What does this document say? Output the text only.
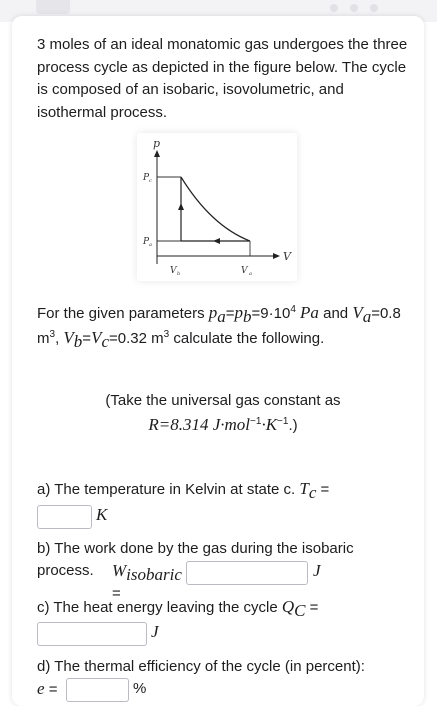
3 moles of an ideal monatomic gas undergoes the three process cycle as depicted in the figure below. The cycle is composed of an isobaric, isovolumetric, and isothermal process.

p
V
P c
P a
V b	V a

For the given parameters $p_a=p_b=9\cdot 10^4$ Pa and $V_a=0.8$ $m^3$, $V_b=V_c=0.32$ $m^3$ calculate the following.

(Take the universal gas constant as
R=8.314 $J\cdot mol^{-1}\cdot K^{-1}$.)
a) The temperature in Kelvin at state c. $T_c$ =
K
b) The work done by the gas during the isobaric process.	$W_{isobaric}$ =
J
c) The heat energy leaving the cycle $Q_C$ =
J
d) The thermal efficiency of the cycle (in percent):
e =	%
